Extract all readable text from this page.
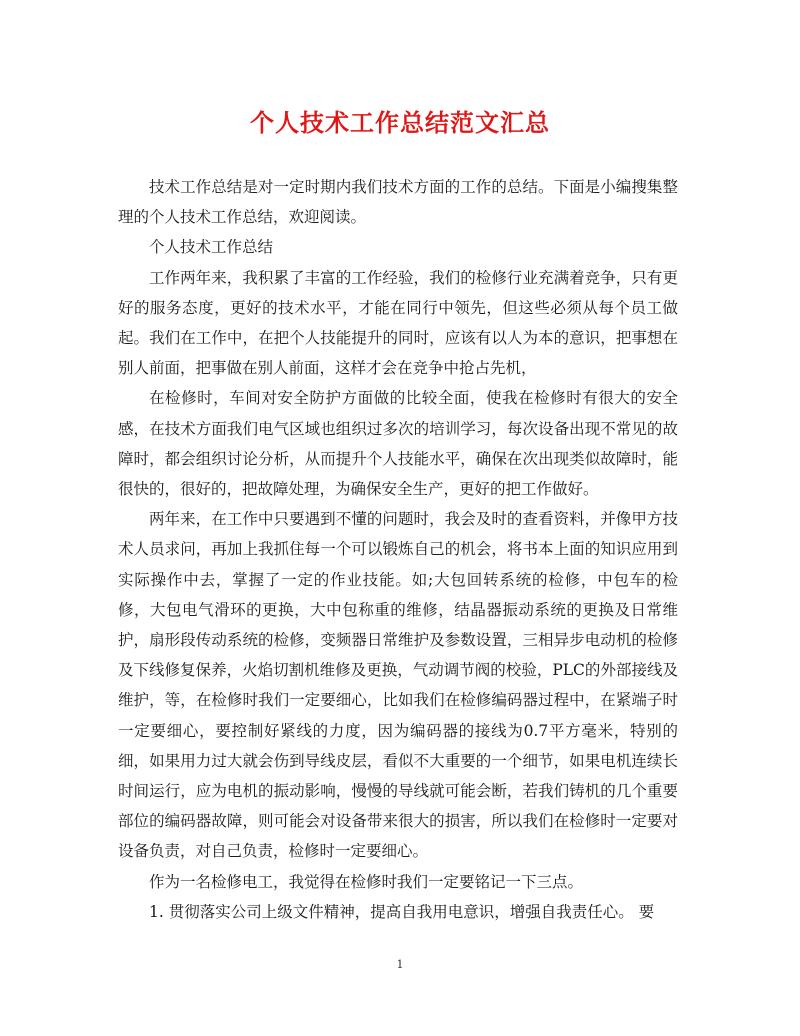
个人技术工作总结范文汇总

技术工作总结是对一定时期内我们技术方面的工作的总结。下面是小编搜集整理的个人技术工作总结，欢迎阅读。

个人技术工作总结

工作两年来，我积累了丰富的工作经验，我们的检修行业充满着竞争，只有更好的服务态度，更好的技术水平，才能在同行中领先，但这些必须从每个员工做起。我们在工作中，在把个人技能提升的同时，应该有以人为本的意识，把事想在别人前面，把事做在别人前面，这样才会在竞争中抢占先机，

在检修时，车间对安全防护方面做的比较全面，使我在检修时有很大的安全感，在技术方面我们电气区域也组织过多次的培训学习，每次设备出现不常见的故障时，都会组织讨论分析，从而提升个人技能水平，确保在次出现类似故障时，能很快的，很好的，把故障处理，为确保安全生产，更好的把工作做好。

两年来，在工作中只要遇到不懂的问题时，我会及时的查看资料，并像甲方技术人员求问，再加上我抓住每一个可以锻炼自己的机会，将书本上面的知识应用到实际操作中去，掌握了一定的作业技能。如;大包回转系统的检修，中包车的检修，大包电气滑环的更换，大中包称重的维修，结晶器振动系统的更换及日常维护，扇形段传动系统的检修，变频器日常维护及参数设置，三相异步电动机的检修及下线修复保养，火焰切割机维修及更换，气动调节阀的校验，PLC的外部接线及维护，等，在检修时我们一定要细心，比如我们在检修编码器过程中，在紧端子时一定要细心，要控制好紧线的力度，因为编码器的接线为0.7平方毫米，特别的细，如果用力过大就会伤到导线皮层，看似不大重要的一个细节，如果电机连续长时间运行，应为电机的振动影响，慢慢的导线就可能会断，若我们铸机的几个重要部位的编码器故障，则可能会对设备带来很大的损害，所以我们在检修时一定要对设备负责，对自己负责，检修时一定要细心。

作为一名检修电工，我觉得在检修时我们一定要铭记一下三点。

1. 贯彻落实公司上级文件精神，提高自我用电意识，增强自我责任心。 要

1
